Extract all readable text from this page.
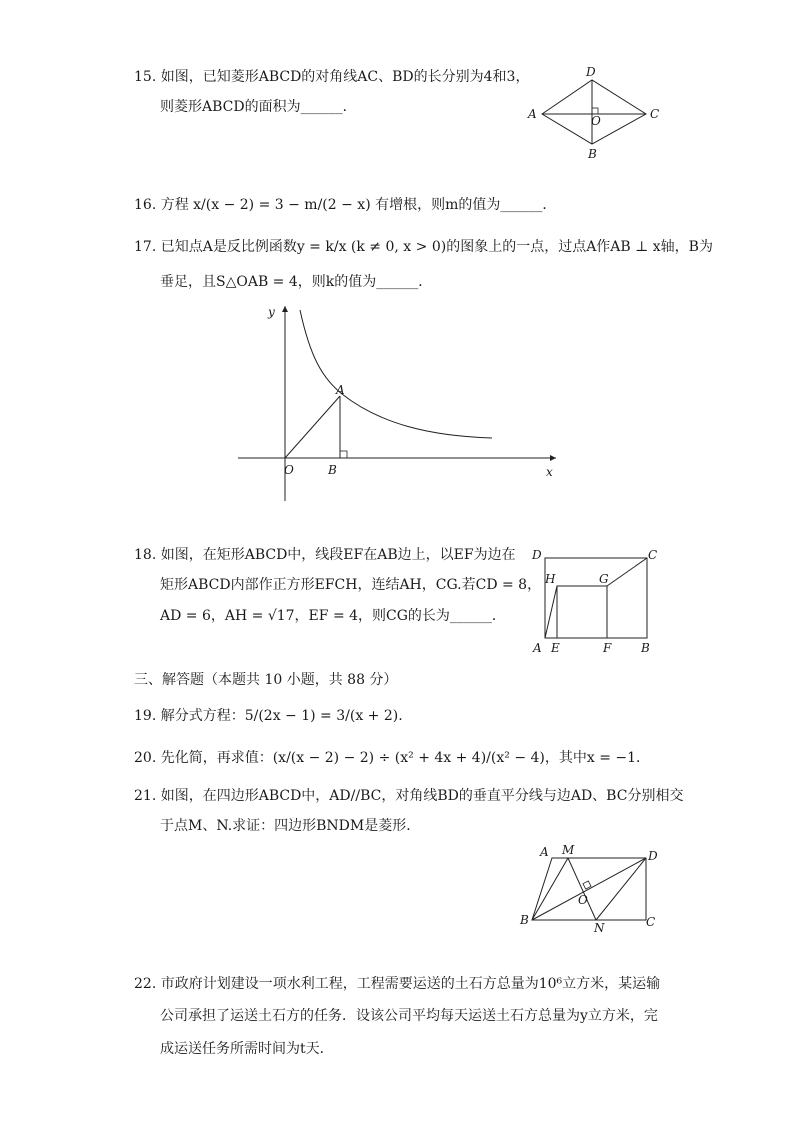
15. 如图，已知菱形ABCD的对角线AC、BD的长分别为4和3，
则菱形ABCD的面积为______．
D
A	C
B
O
16. 方程 x/(x − 2) = 3 − m/(2 − x) 有增根，则m的值为______．
17. 已知点A是反比例函数y = k/x (k ≠ 0, x > 0)的图象上的一点，过点A作AB ⊥ x轴，B为
垂足，且S△OAB = 4，则k的值为______．
y
x
O
A
B
18. 如图，在矩形ABCD中，线段EF在AB边上，以EF为边在
矩形ABCD内部作正方形EFCH，连结AH，CG.若CD = 8，
AD = 6，AH = √17，EF = 4，则CG的长为______．
D	C
H	G
A E	F B
三、解答题（本题共 10 小题，共 88 分）
19. 解分式方程：5/(2x − 1) = 3/(x + 2).
20. 先化简，再求值：(x/(x − 2) − 2) ÷ (x² + 4x + 4)/(x² − 4)，其中x = −1．
21. 如图，在四边形ABCD中，AD//BC，对角线BD的垂直平分线与边AD、BC分别相交
于点M、N.求证：四边形BNDM是菱形．
A M	D
B
N	C
O
22. 市政府计划建设一项水利工程，工程需要运送的土石方总量为10⁶立方米，某运输
公司承担了运送土石方的任务．设该公司平均每天运送土石方总量为y立方米，完
成运送任务所需时间为t天．
